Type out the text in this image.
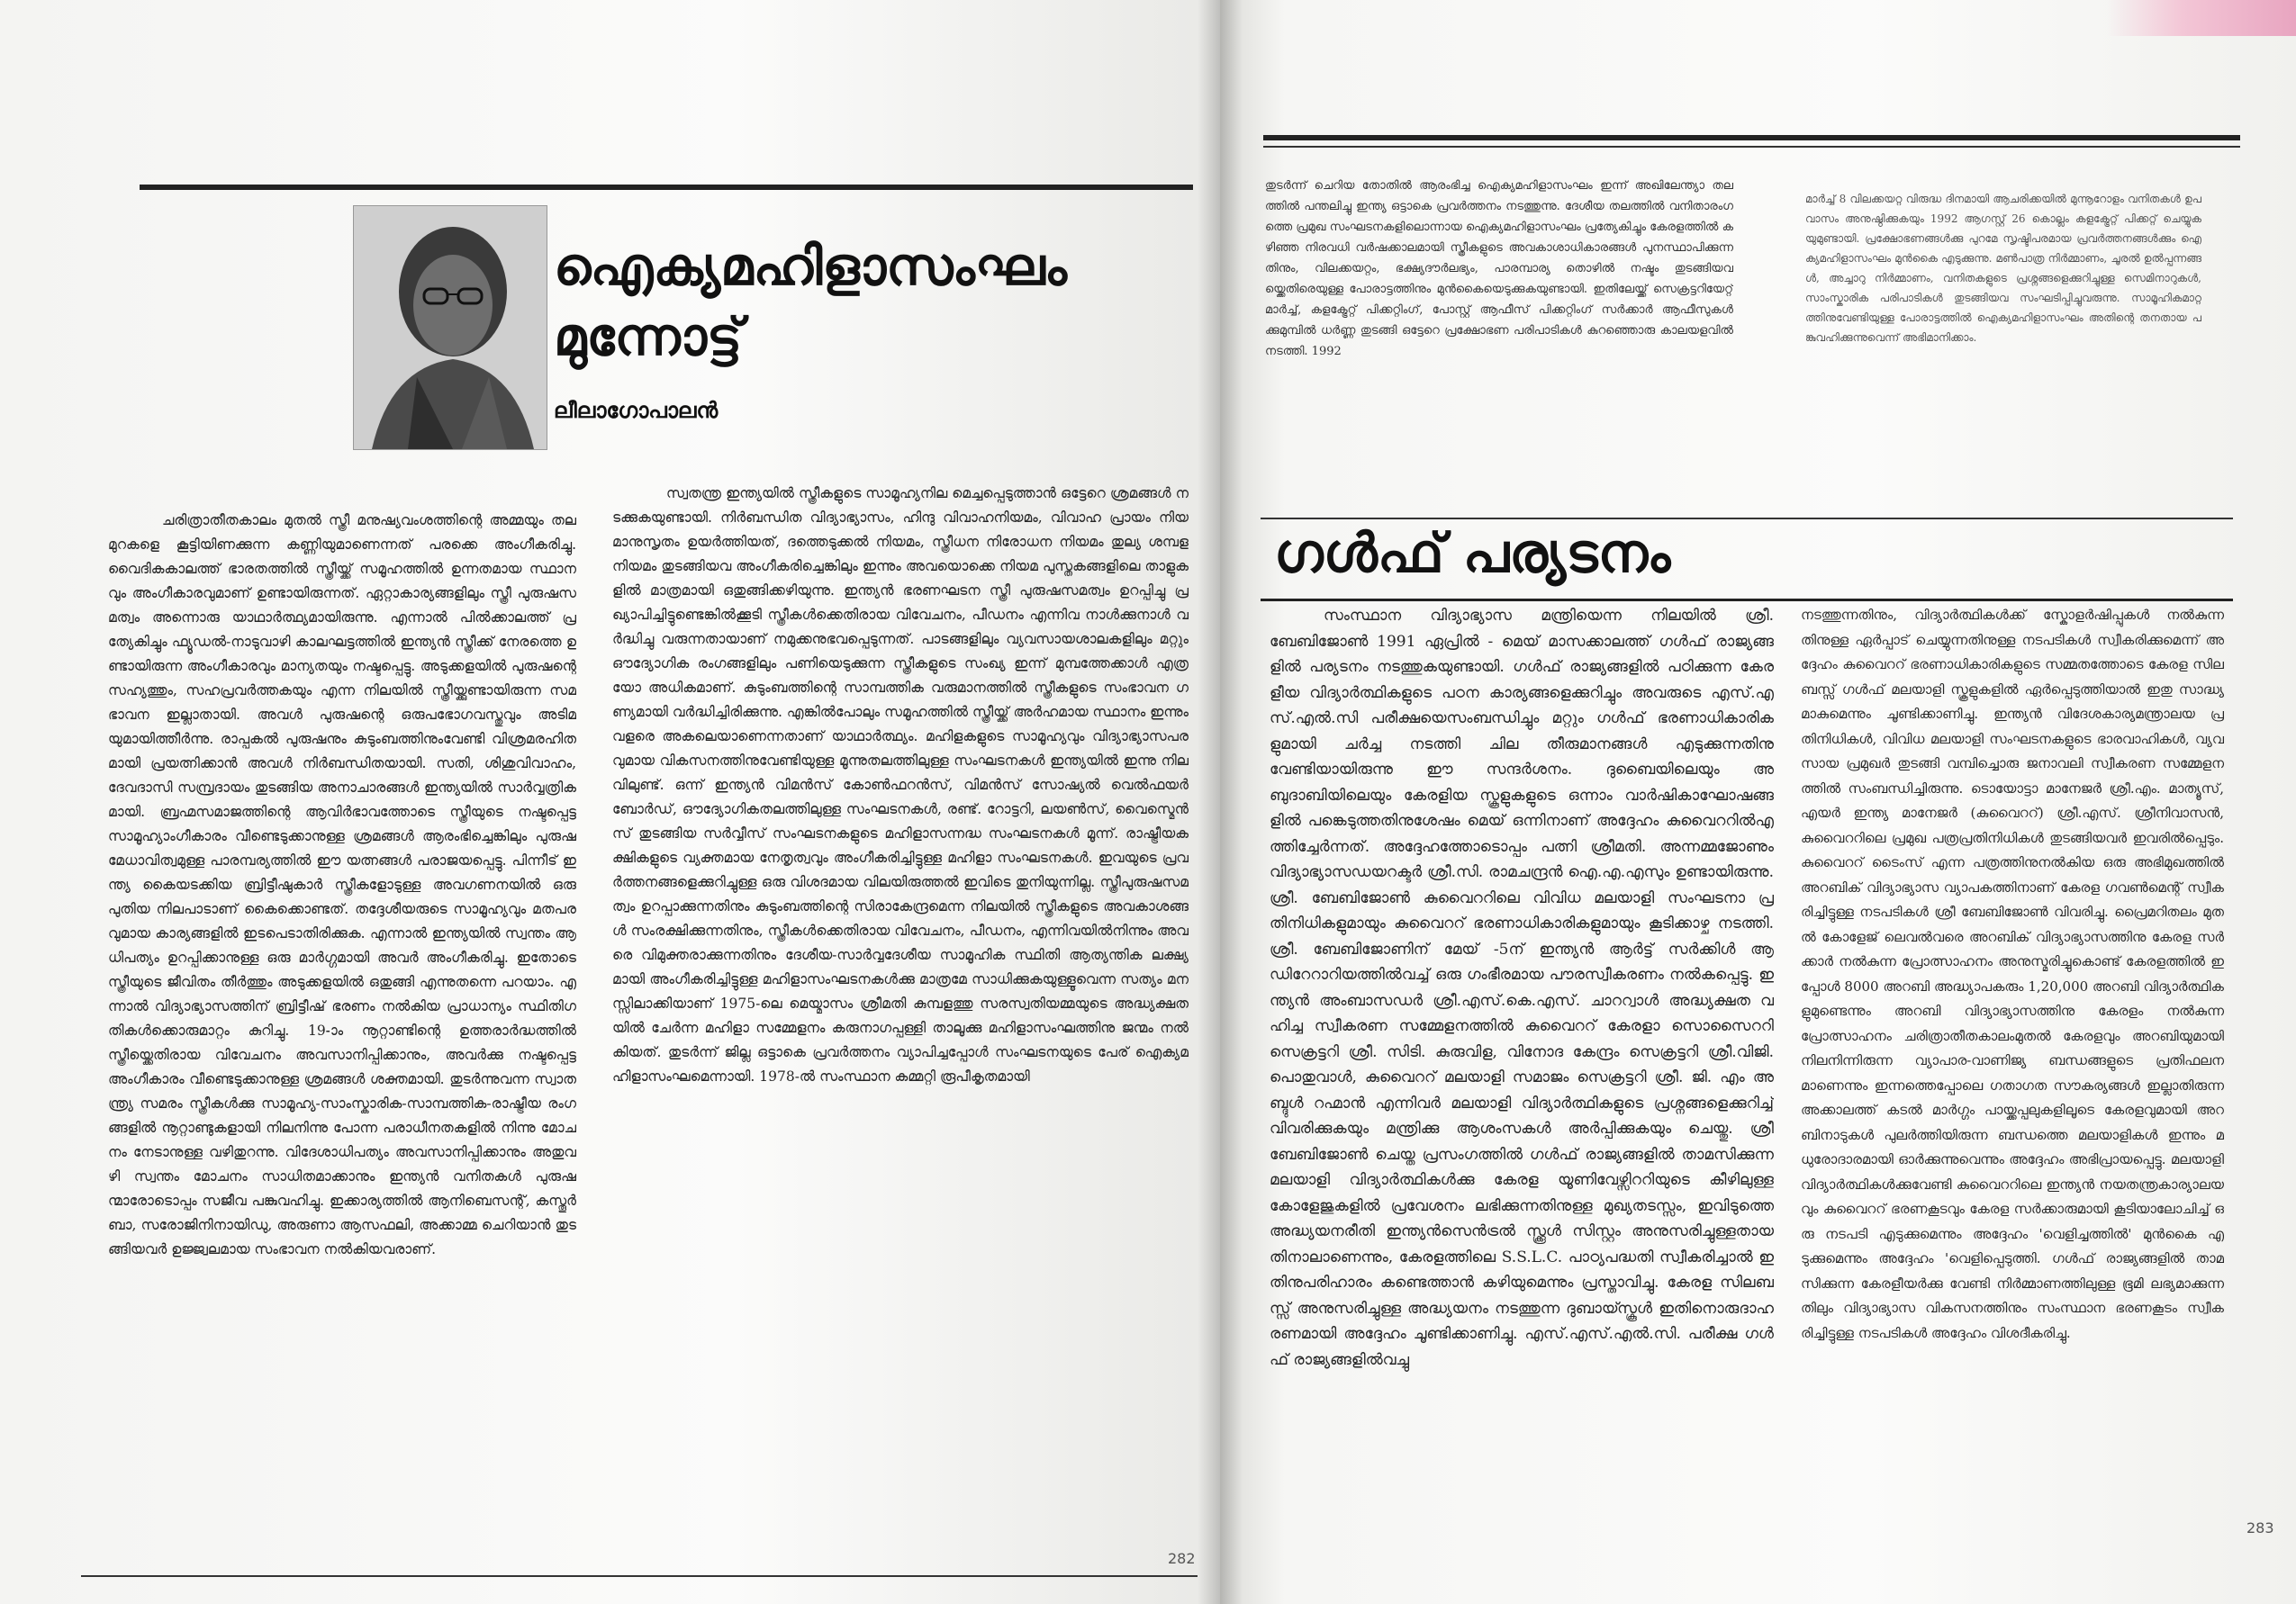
ഐക്യമഹിളാസംഘം
മുന്നോട്ട്
ലീലാഗോപാലൻ

ചരിത്രാതീതകാലം മുതൽ സ്ത്രീ മനുഷ്യവംശത്തിന്റെ അമ്മയും തലമുറകളെ കൂട്ടിയിണക്കുന്ന കണ്ണിയുമാണെന്നത് പരക്കെ അംഗീകരിച്ചു. വൈദികകാലത്ത് ഭാരതത്തിൽ സ്ത്രീയ്ക്ക് സമൂഹത്തിൽ ഉന്നതമായ സ്ഥാനവും അംഗീകാരവുമാണ് ഉണ്ടായിരുന്നത്. ഏറ്റാകാര്യങ്ങളിലും സ്ത്രീ പുരുഷസമത്വം അന്നൊരു യാഥാർത്ഥ്യമായിരുന്നു. എന്നാൽ പിൽക്കാലത്ത് പ്രത്യേകിച്ചും ഫ്യൂഡൽ-നാടുവാഴി കാലഘട്ടത്തിൽ ഇന്ത്യൻ സ്ത്രീക്ക് നേരത്തെ ഉണ്ടായിരുന്ന അംഗീകാരവും മാന്യതയും നഷ്ടപ്പെട്ടു. അടുക്കളയിൽ പുരുഷന്റെ സഹ്യത്തും, സഹപ്രവർത്തകയും എന്ന നിലയിൽ സ്ത്രീയ്ക്കുണ്ടായിരുന്ന സമഭാവന ഇല്ലാതായി. അവൾ പുരുഷന്റെ ഒരുപഭോഗവസ്തുവും അടിമയുമായിത്തീർന്നു. രാപ്പകൽ പുരുഷനും കുടുംബത്തിനുംവേണ്ടി വിശ്രമരഹിതമായി പ്രയത്നിക്കാൻ അവൾ നിർബന്ധിതയായി. സതി, ശിശുവിവാഹം, ദേവദാസി സമ്പ്രദായം തുടങ്ങിയ അനാചാരങ്ങൾ ഇന്ത്യയിൽ സാർവ്വത്രികമായി. ബ്രഹ്മസമാജത്തിന്റെ ആവിർഭാവത്തോടെ സ്ത്രീയുടെ നഷ്ടപ്പെട്ട സാമൂഹ്യാംഗീകാരം വീണ്ടെടുക്കാനുള്ള ശ്രമങ്ങൾ ആരംഭിച്ചെങ്കിലും പുരുഷമേധാവിത്വമുള്ള പാരമ്പര്യത്തിൽ ഈ യത്നങ്ങൾ പരാജയപ്പെട്ടു. പിന്നീട് ഇന്ത്യ കൈയടക്കിയ ബ്രിട്ടീഷുകാർ സ്ത്രീകളോടുള്ള അവഗണനയിൽ ഒരു പുതിയ നിലപാടാണ് കൈക്കൊണ്ടത്. തദ്ദേശീയരുടെ സാമൂഹ്യവും മതപരവുമായ കാര്യങ്ങളിൽ ഇടപെടാതിരിക്കുക. എന്നാൽ ഇന്ത്യയിൽ സ്വന്തം ആധിപത്യം ഉറപ്പിക്കാനുള്ള ഒരു മാർഗ്ഗമായി അവർ അംഗീകരിച്ചു. ഇതോടെ സ്ത്രീയുടെ ജീവിതം തീർത്തും അടുക്കളയിൽ ഒതുങ്ങി എന്നുതന്നെ പറയാം. എന്നാൽ വിദ്യാഭ്യാസത്തിന് ബ്രിട്ടീഷ് ഭരണം നൽകിയ പ്രാധാന്യം സ്ഥിതിഗതികൾക്കൊരുമാറ്റം കുറിച്ചു. 19-ാം നൂറ്റാണ്ടിന്റെ ഉത്തരാർദ്ധത്തിൽ സ്ത്രീയ്ക്കെതിരായ വിവേചനം അവസാനിപ്പിക്കാനും, അവർക്കു നഷ്ടപ്പെട്ട അംഗീകാരം വീണ്ടെടുക്കാനുള്ള ശ്രമങ്ങൾ ശക്തമായി. തുടർന്നുവന്ന സ്വാതന്ത്ര്യ സമരം സ്ത്രീകൾക്കു സാമൂഹ്യ-സാംസ്കാരിക-സാമ്പത്തിക-രാഷ്ട്രീയ രംഗങ്ങളിൽ നൂറ്റാണ്ടുകളായി നിലനിന്നു പോന്ന പരാധീനതകളിൽ നിന്നു മോചനം നേടാനുള്ള വഴിതുറന്നു. വിദേശാധിപത്യം അവസാനിപ്പിക്കാനും അതുവഴി സ്വന്തം മോചനം സാധിതമാക്കാനും ഇന്ത്യൻ വനിതകൾ പുരുഷന്മാരോടൊപ്പം സജീവ പങ്കുവഹിച്ചു. ഇക്കാര്യത്തിൽ ആനിബെസന്റ്, കസ്തൂർബാ, സരോജിനിനായിഡു, അരുണാ ആസഫലി, അക്കാമ്മ ചെറിയാൻ തുടങ്ങിയവർ ഉജ്ജ്വലമായ സംഭാവന നൽകിയവരാണ്.

സ്വതന്ത്ര ഇന്ത്യയിൽ സ്ത്രീകളുടെ സാമൂഹ്യനില മെച്ചപ്പെടുത്താൻ ഒട്ടേറെ ശ്രമങ്ങൾ നടക്കുകയുണ്ടായി. നിർബന്ധിത വിദ്യാഭ്യാസം, ഹിന്ദു വിവാഹനിയമം, വിവാഹ പ്രായം നിയമാനുസൃതം ഉയർത്തിയത്, ദത്തെടുക്കൽ നിയമം, സ്ത്രീധന നിരോധന നിയമം തുല്യ ശമ്പള നിയമം തുടങ്ങിയവ അംഗീകരിച്ചെങ്കിലും ഇന്നും അവയൊക്കെ നിയമ പുസ്തകങ്ങളിലെ താളുകളിൽ മാത്രമായി ഒതുങ്ങിക്കഴിയുന്നു. ഇന്ത്യൻ ഭരണഘടന സ്ത്രീ പുരുഷസമത്വം ഉറപ്പിച്ചു പ്രഖ്യാപിച്ചിട്ടുണ്ടെങ്കിൽക്കൂടി സ്ത്രീകൾക്കെതിരായ വിവേചനം, പീഡനം എന്നിവ നാൾക്കുനാൾ വർദ്ധിച്ചു വരുന്നതായാണ് നമുക്കനുഭവപ്പെടുന്നത്. പാടങ്ങളിലും വ്യവസായശാലകളിലും മറ്റും ഔദ്യോഗിക രംഗങ്ങളിലും പണിയെടുക്കുന്ന സ്ത്രീകളുടെ സംഖ്യ ഇന്ന് മുമ്പത്തേക്കാൾ എത്രയോ അധികമാണ്. കുടുംബത്തിന്റെ സാമ്പത്തിക വരുമാനത്തിൽ സ്ത്രീകളുടെ സംഭാവന ഗണ്യമായി വർദ്ധിച്ചിരിക്കുന്നു. എങ്കിൽപോലും സമൂഹത്തിൽ സ്ത്രീയ്ക്ക് അർഹമായ സ്ഥാനം ഇന്നും വളരെ അകലെയാണെന്നതാണ് യാഥാർത്ഥ്യം. മഹിളകളുടെ സാമൂഹ്യവും വിദ്യാഭ്യാസപരവുമായ വികസനത്തിനുവേണ്ടിയുള്ള മൂന്നുതലത്തിലുള്ള സംഘടനകൾ ഇന്ത്യയിൽ ഇന്നു നിലവിലുണ്ട്. ഒന്ന് ഇന്ത്യൻ വിമൻസ് കോൺഫറൻസ്, വിമൻസ് സോഷ്യൽ വെൽഫയർ ബോർഡ്, ഔദ്യോഗികതലത്തിലുള്ള സംഘടനകൾ, രണ്ട്. റോട്ടറി, ലയൺസ്, വൈസ്മെൻസ് തുടങ്ങിയ സർവ്വീസ് സംഘടനകളുടെ മഹിളാസന്നദ്ധ സംഘടനകൾ മൂന്ന്. രാഷ്ട്രീയകക്ഷികളുടെ വ്യക്തമായ നേതൃത്വവും അംഗീകരിച്ചിട്ടുള്ള മഹിളാ സംഘടനകൾ. ഇവയുടെ പ്രവർത്തനങ്ങളെക്കുറിച്ചുള്ള ഒരു വിശദമായ വിലയിരുത്തൽ ഇവിടെ തുനിയുന്നില്ല. സ്ത്രീപുരുഷസമത്വം ഉറപ്പാക്കുന്നതിനും കുടുംബത്തിന്റെ സിരാകേന്ദ്രമെന്ന നിലയിൽ സ്ത്രീകളുടെ അവകാശങ്ങൾ സംരക്ഷിക്കുന്നതിനും, സ്ത്രീകൾക്കെതിരായ വിവേചനം, പീഡനം, എന്നിവയിൽനിന്നും അവരെ വിമുക്തരാക്കുന്നതിനും ദേശീയ-സാർവ്വദേശീയ സാമൂഹിക സ്ഥിതി ആത്യന്തിക ലക്ഷ്യമായി അംഗീകരിച്ചിട്ടുള്ള മഹിളാസംഘടനകൾക്കു മാത്രമേ സാധിക്കുകയുള്ളൂവെന്ന സത്യം മനസ്സിലാക്കിയാണ് 1975-ലെ മെയ്മാസം ശ്രീമതി കുമ്പളത്തു സരസ്വതിയമ്മയുടെ അദ്ധ്യക്ഷതയിൽ ചേർന്ന മഹിളാ സമ്മേളനം കരുനാഗപ്പള്ളി താലൂക്കു മഹിളാസംഘത്തിനു ജന്മം നൽകിയത്. തുടർന്ന് ജില്ല ഒട്ടാകെ പ്രവർത്തനം വ്യാപിച്ചപ്പോൾ സംഘടനയുടെ പേര് ഐക്യമഹിളാസംഘമെന്നായി. 1978-ൽ സംസ്ഥാന കമ്മറ്റി രൂപീകൃതമായി

282
തുടർന്ന് ചെറിയ തോതിൽ ആരംഭിച്ച ഐക്യമഹിളാസംഘം ഇന്ന് അഖിലേന്ത്യാ തലത്തിൽ പന്തലിച്ചു ഇന്ത്യ ഒട്ടാകെ പ്രവർത്തനം നടത്തുന്നു. ദേശീയ തലത്തിൽ വനിതാരംഗത്തെ പ്രമുഖ സംഘടനകളിലൊന്നായ ഐക്യമഹിളാസംഘം പ്രത്യേകിച്ചും കേരളത്തിൽ കഴിഞ്ഞ നിരവധി വർഷക്കാലമായി സ്ത്രീകളുടെ അവകാശാധികാരങ്ങൾ പുനസ്ഥാപിക്കുന്നതിനും, വിലക്കയറ്റം, ഭക്ഷ്യദൗർലഭ്യം, പാരമ്പാര്യ തൊഴിൽ നഷ്ടം തുടങ്ങിയവയ്ക്കെതിരെയുള്ള പോരാട്ടത്തിനും മുൻകൈയെടുക്കുകയുണ്ടായി. ഇതിലേയ്ക്ക് സെക്രട്ടറിയേറ്റ് മാർച്ച്, കളക്ട്രേറ്റ് പിക്കറ്റിംഗ്, പോസ്റ്റ് ആഫീസ് പിക്കറ്റിംഗ് സർക്കാർ ആഫീസുകൾക്കുമുമ്പിൽ ധർണ്ണ തുടങ്ങി ഒട്ടേറെ പ്രക്ഷോഭണ പരിപാടികൾ കുറഞ്ഞൊരു കാലയളവിൽ നടത്തി. 1992
മാർച്ച് 8 വിലക്കയറ്റ വിരുദ്ധ ദിനമായി ആചരിക്കയിൽ മുന്നൂറോളം വനിതകൾ ഉപവാസം അനുഷ്ഠിക്കുകയും 1992 ആഗസ്റ്റ് 26 കൊല്ലം കളക്ട്രേറ്റ് പിക്കറ്റ് ചെയ്യുകയുമുണ്ടായി. പ്രക്ഷോഭണങ്ങൾക്കു പുറമേ സൃഷ്ടിപരമായ പ്രവർത്തനങ്ങൾക്കും ഐക്യമഹിളാസംഘം മുൻകൈ എടുക്കുന്നു. മൺപാത്ര നിർമ്മാണം, ചൂരൽ ഉൽപ്പന്നങ്ങൾ, അച്ചാറു നിർമ്മാണം, വനിതകളുടെ പ്രശ്നങ്ങളെക്കുറിച്ചുള്ള സെമിനാറുകൾ, സാംസ്കാരിക പരിപാടികൾ തുടങ്ങിയവ സംഘടിപ്പിച്ചുവരുന്നു. സാമൂഹികമാറ്റത്തിനുവേണ്ടിയുള്ള പോരാട്ടത്തിൽ ഐക്യമഹിളാസംഘം അതിന്റെ തനതായ പങ്കുവഹിക്കുന്നുവെന്ന് അഭിമാനിക്കാം.
ഗൾഫ് പര്യടനം

സംസ്ഥാന വിദ്യാഭ്യാസ മന്ത്രിയെന്ന നിലയിൽ ശ്രീ. ബേബിജോൺ 1991 ഏപ്രിൽ - മെയ് മാസക്കാലത്ത് ഗൾഫ് രാജ്യങ്ങളിൽ പര്യടനം നടത്തുകയുണ്ടായി. ഗൾഫ് രാജ്യങ്ങളിൽ പഠിക്കുന്ന കേരളീയ വിദ്യാർത്ഥികളുടെ പഠന കാര്യങ്ങളെക്കുറിച്ചും അവരുടെ എസ്.എസ്.എൽ.സി പരീക്ഷയെസംബന്ധിച്ചും മറ്റും ഗൾഫ് ഭരണാധികാരികളുമായി ചർച്ച നടത്തി ചില തീരുമാനങ്ങൾ എടുക്കുന്നതിനു വേണ്ടിയായിരുന്നു ഈ സന്ദർശനം. ദുബൈയിലെയും അബുദാബിയിലെയും കേരളിയ സ്കൂളുകളുടെ ഒന്നാം വാർഷികാഘോഷങ്ങളിൽ പങ്കെടുത്തതിനുശേഷം മെയ് ഒന്നിനാണ് അദ്ദേഹം കുവൈററിൽഎത്തിച്ചേർന്നത്. അദ്ദേഹത്തോടൊപ്പം പത്നി ശ്രീമതി. അന്നമ്മജോണും വിദ്യാഭ്യാസഡയറക്ടർ ശ്രീ.സി. രാമചന്ദ്രൻ ഐ.എ.എസും ഉണ്ടായിരുന്നു. ശ്രീ. ബേബിജോൺ കുവൈററിലെ വിവിധ മലയാളി സംഘടനാ പ്രതിനിധികളുമായും കുവൈററ് ഭരണാധികാരികളുമായും കൂടിക്കാഴ്ച നടത്തി. ശ്രീ. ബേബിജോണിന് മേയ് -5ന് ഇന്ത്യൻ ആർട്ട് സർക്കിൾ ആഡിറേറാറിയത്തിൽവച്ച് ഒരു ഗംഭീരമായ പൗരസ്വീകരണം നൽകപ്പെട്ടു. ഇന്ത്യൻ അംബാസഡർ ശ്രീ.എസ്.കെ.എസ്. ചാററ്വാൾ അദ്ധ്യക്ഷത വഹിച്ച സ്വീകരണ സമ്മേളനത്തിൽ കുവൈററ് കേരളാ സൊസൈററി സെക്രട്ടറി ശ്രീ. സിടി. കുരുവിള, വിനോദ കേന്ദ്രം സെക്രട്ടറി ശ്രീ.വിജി. പൊതുവാൾ, കുവൈററ് മലയാളി സമാജം സെക്രട്ടറി ശ്രീ. ജി. എം അബ്ദുൾ റഹ്മാൻ എന്നിവർ മലയാളി വിദ്യാർത്ഥികളുടെ പ്രശ്നങ്ങളെക്കുറിച്ച് വിവരിക്കുകയും മന്ത്രിക്കു ആശംസകൾ അർപ്പിക്കുകയും ചെയ്തു. ശ്രീ ബേബിജോൺ ചെയ്ത പ്രസംഗത്തിൽ ഗൾഫ് രാജ്യങ്ങളിൽ താമസിക്കുന്ന മലയാളി വിദ്യാർത്ഥികൾക്കു കേരള യൂണിവേഴ്സിററിയുടെ കീഴിലുള്ള കോളേജുകളിൽ പ്രവേശനം ലഭിക്കുന്നതിനുള്ള മുഖ്യതടസ്സം, ഇവിടുത്തെ അദ്ധ്യയനരീതി ഇന്ത്യൻസെൻട്രൽ സ്ക്കൂൾ സിസ്റ്റം അനുസരിച്ചുള്ളതായതിനാലാണെന്നും, കേരളത്തിലെ S.S.L.C. പാഠ്യപദ്ധതി സ്വീകരിച്ചാൽ ഇതിനുപരിഹാരം കണ്ടെത്താൻ കഴിയുമെന്നും പ്രസ്താവിച്ചു. കേരള സിലബസ്സ് അനുസരിച്ചുള്ള അദ്ധ്യയനം നടത്തുന്ന ദുബായ്സ്കൂൾ ഇതിനൊരുദാഹരണമായി അദ്ദേഹം ചൂണ്ടിക്കാണിച്ചു. എസ്.എസ്.എൽ.സി. പരീക്ഷ ഗൾഫ് രാജ്യങ്ങളിൽവച്ചു

നടത്തുന്നതിനും, വിദ്യാർത്ഥികൾക്ക് സ്കോളർഷിപ്പുകൾ നൽകുന്നതിനുള്ള ഏർപ്പാട് ചെയ്യുന്നതിനുള്ള നടപടികൾ സ്വീകരിക്കുമെന്ന് അദ്ദേഹം കുവൈററ് ഭരണാധികാരികളുടെ സമ്മതത്തോടെ കേരള സിലബസ്സ് ഗൾഫ് മലയാളി സ്കൂളുകളിൽ ഏർപ്പെടുത്തിയാൽ ഇതു സാദ്ധ്യമാകുമെന്നും ചൂണ്ടിക്കാണിച്ചു. ഇന്ത്യൻ വിദേശകാര്യമന്ത്രാലയ പ്രതിനിധികൾ, വിവിധ മലയാളി സംഘടനകളുടെ ഭാരവാഹികൾ, വ്യവസായ പ്രമുഖർ തുടങ്ങി വമ്പിച്ചൊരു ജനാവലി സ്വീകരണ സമ്മേളനത്തിൽ സംബന്ധിച്ചിരുന്നു. ടൊയോട്ടാ മാനേജർ ശ്രീ.എം. മാത്യൂസ്, എയർ ഇന്ത്യ മാനേജർ (കുവൈററ്) ശ്രീ.എസ്. ശ്രീനിവാസൻ, കുവൈററിലെ പ്രമുഖ പത്രപ്രതിനിധികൾ തുടങ്ങിയവർ ഇവരിൽപ്പെടും. കുവൈററ് ടൈംസ് എന്ന പത്രത്തിനുനൽകിയ ഒരു അഭിമുഖത്തിൽ അറബിക് വിദ്യാഭ്യാസ വ്യാപകത്തിനാണ് കേരള ഗവൺമെന്റ് സ്വീകരിച്ചിട്ടുള്ള നടപടികൾ ശ്രീ ബേബിജോൺ വിവരിച്ചു. പ്രൈമറിതലം മുതൽ കോളേജ് ലെവൽവരെ അറബിക് വിദ്യാഭ്യാസത്തിനു കേരള സർക്കാർ നൽകുന്ന പ്രോത്സാഹനം അനുസ്മരിച്ചുകൊണ്ട് കേരളത്തിൽ ഇപ്പോൾ 8000 അറബി അദ്ധ്യാപകരും 1,20,000 അറബി വിദ്യാർത്ഥികളുമുണ്ടെന്നും അറബി വിദ്യാഭ്യാസത്തിനു കേരളം നൽകുന്ന പ്രോത്സാഹനം ചരിത്രാതീതകാലംമുതൽ കേരളവും അറബിയുമായി നിലനിന്നിരുന്ന വ്യാപാര-വാണിജ്യ ബന്ധങ്ങളുടെ പ്രതിഫലനമാണെന്നും ഇന്നത്തെപ്പോലെ ഗതാഗത സൗകര്യങ്ങൾ ഇല്ലാതിരുന്ന അക്കാലത്ത് കടൽ മാർഗ്ഗം പായ്ക്കപ്പലുകളിലൂടെ കേരളവുമായി അറബിനാടുകൾ പുലർത്തിയിരുന്ന ബന്ധത്തെ മലയാളികൾ ഇന്നും മധുരോദാരമായി ഓർക്കുന്നുവെന്നും അദ്ദേഹം അഭിപ്രായപ്പെട്ടു. മലയാളി വിദ്യാർത്ഥികൾക്കുവേണ്ടി കുവൈററിലെ ഇന്ത്യൻ നയതന്ത്രകാര്യാലയവും കുവൈററ് ഭരണകൂടവും കേരള സർക്കാരുമായി കൂടിയാലോചിച്ച് ഒരു നടപടി എടുക്കുമെന്നും അദ്ദേഹം 'വെളിച്ചത്തിൽ' മുൻകൈ എടുക്കുമെന്നും അദ്ദേഹം 'വെളിപ്പെടുത്തി. ഗൾഫ് രാജ്യങ്ങളിൽ താമസിക്കുന്ന കേരളീയർക്കു വേണ്ടി നിർമ്മാണത്തിലുള്ള ഭൂമി ലഭ്യമാക്കുന്നതിലും വിദ്യാഭ്യാസ വികസനത്തിനും സംസ്ഥാന ഭരണകൂടം സ്വീകരിച്ചിട്ടുള്ള നടപടികൾ അദ്ദേഹം വിശദീകരിച്ചു.

283
